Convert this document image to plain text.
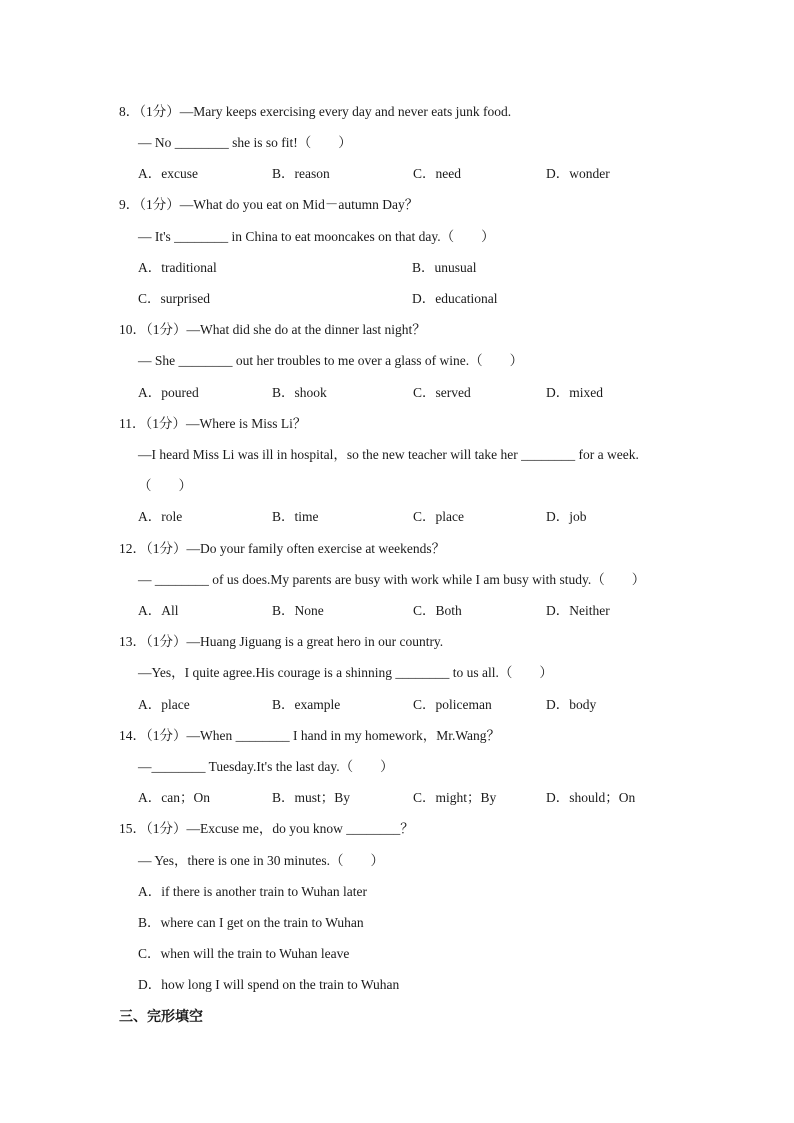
8．（1分）—Mary keeps exercising every day and never eats junk food.
— No ________ she is so fit!（　　）
A．excuse	B．reason	C．need	D．wonder
9．（1分）—What do you eat on Mid－autumn Day？
— It's ________ in China to eat mooncakes on that day.（　　）
A．traditional	B．unusual
C．surprised	D．educational
10．（1分）—What did she do at the dinner last night？
— She ________ out her troubles to me over a glass of wine.（　　）
A．poured	B．shook	C．served	D．mixed
11．（1分）—Where is Miss Li？
—I heard Miss Li was ill in hospital，so the new teacher will take her ________ for a week.
（　　）
A．role	B．time	C．place	D．job
12．（1分）—Do your family often exercise at weekends？
— ________ of us does.My parents are busy with work while I am busy with study.（　　）
A．All	B．None	C．Both	D．Neither
13．（1分）—Huang Jiguang is a great hero in our country.
—Yes，I quite agree.His courage is a shinning ________ to us all.（　　）
A．place	B．example	C．policeman	D．body
14．（1分）—When ________ I hand in my homework，Mr.Wang？
—________ Tuesday.It's the last day.（　　）
A．can；On	B．must；By	C．might；By	D．should；On
15．（1分）—Excuse me，do you know ________？
— Yes，there is one in 30 minutes.（　　）
A．if there is another train to Wuhan later
B．where can I get on the train to Wuhan
C．when will the train to Wuhan leave
D．how long I will spend on the train to Wuhan
三、完形填空
